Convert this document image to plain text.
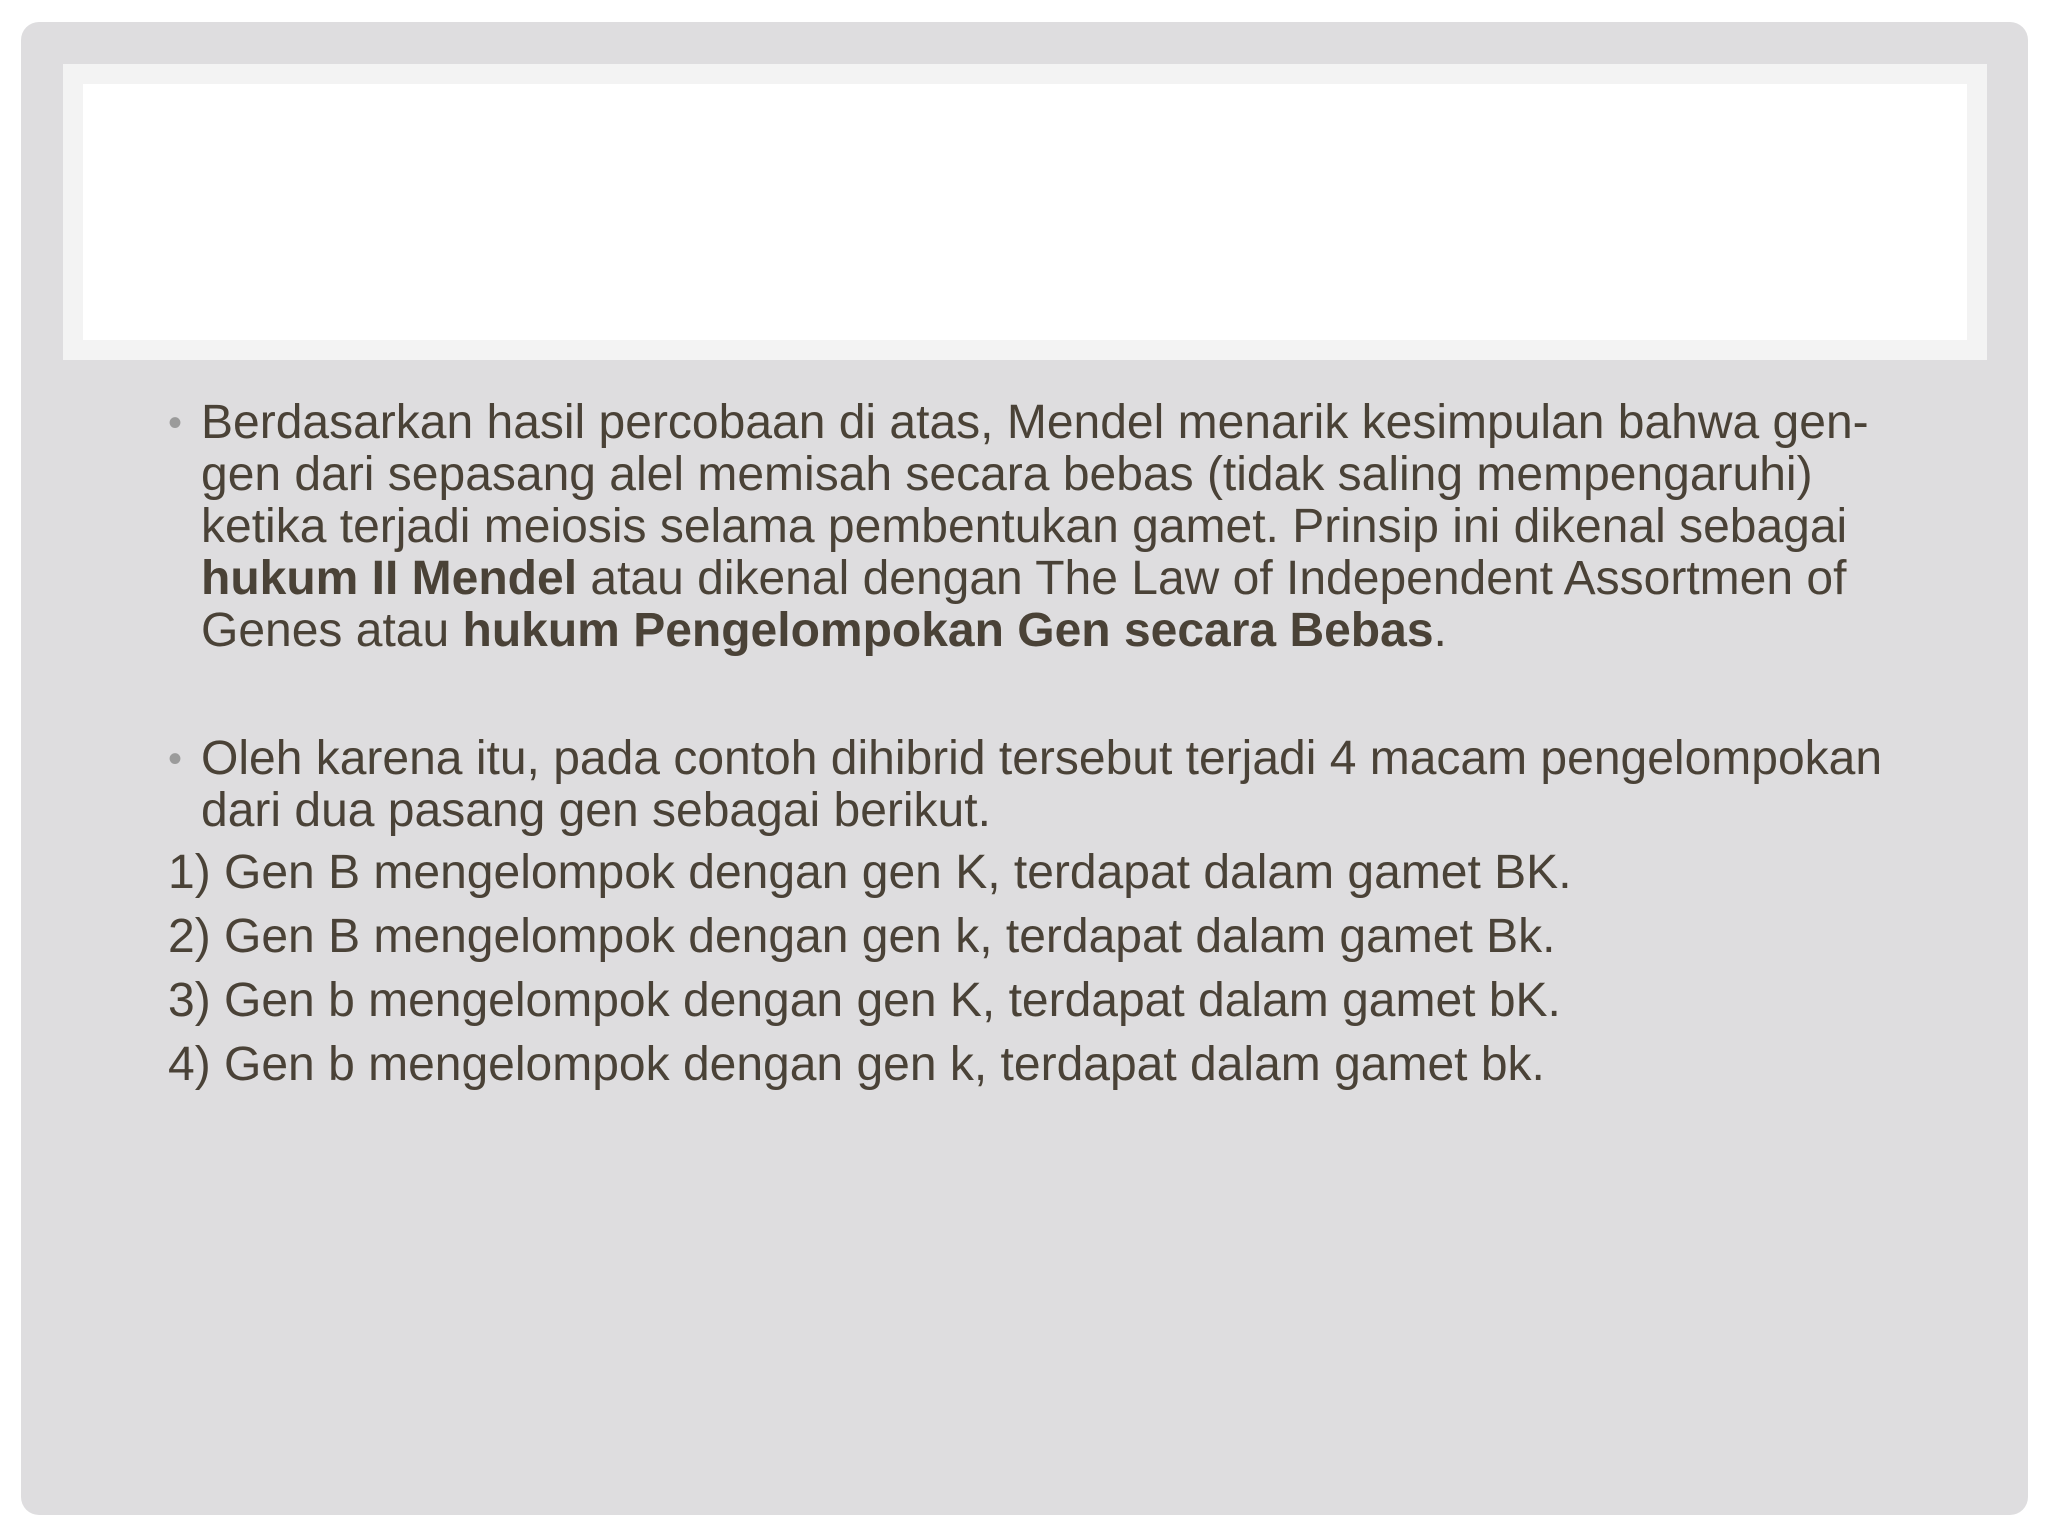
• Berdasarkan hasil percobaan di atas, Mendel menarik kesimpulan bahwa gen-gen dari sepasang alel memisah secara bebas (tidak saling mempengaruhi) ketika terjadi meiosis selama pembentukan gamet. Prinsip ini dikenal sebagai hukum II Mendel atau dikenal dengan The Law of Independent Assortmen of Genes atau hukum Pengelompokan Gen secara Bebas.
• Oleh karena itu, pada contoh dihibrid tersebut terjadi 4 macam pengelompokan dari dua pasang gen sebagai berikut.
1) Gen B mengelompok dengan gen K, terdapat dalam gamet BK.
2) Gen B mengelompok dengan gen k, terdapat dalam gamet Bk.
3) Gen b mengelompok dengan gen K, terdapat dalam gamet bK.
4) Gen b mengelompok dengan gen k, terdapat dalam gamet bk.
